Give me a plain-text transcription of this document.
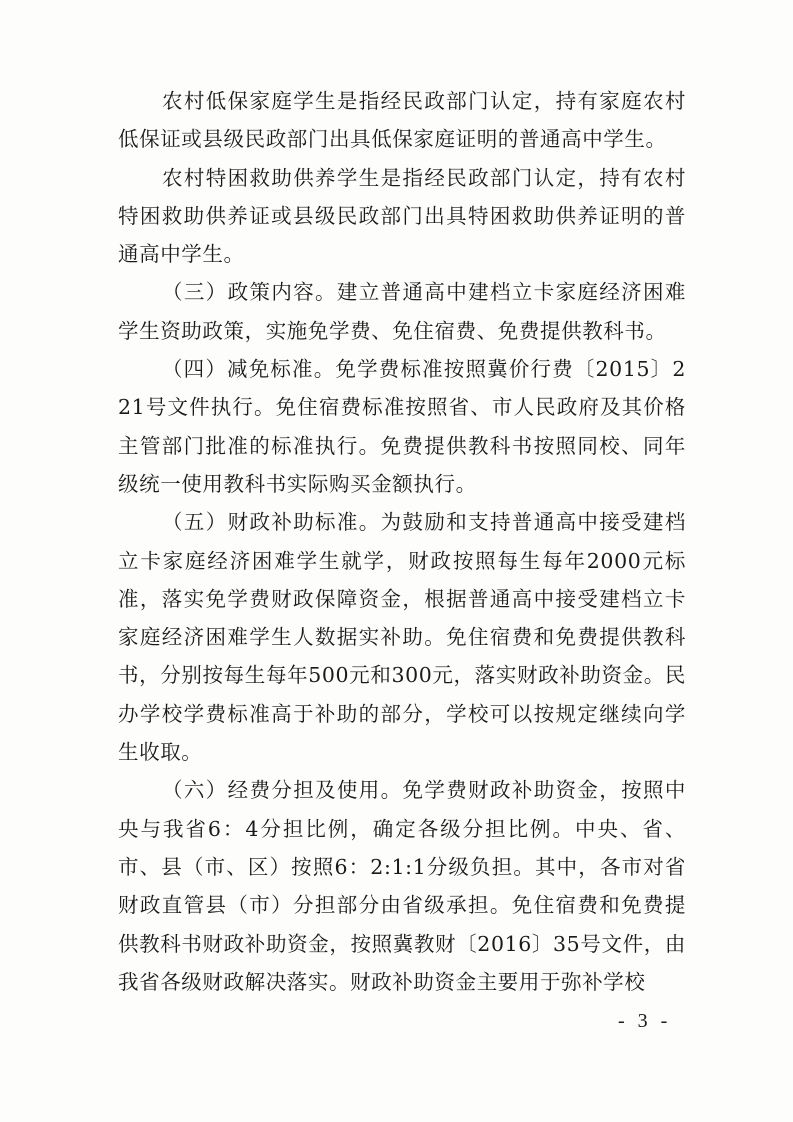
农村低保家庭学生是指经民政部门认定，持有家庭农村低保证或县级民政部门出具低保家庭证明的普通高中学生。

农村特困救助供养学生是指经民政部门认定，持有农村特困救助供养证或县级民政部门出具特困救助供养证明的普通高中学生。

（三）政策内容。建立普通高中建档立卡家庭经济困难学生资助政策，实施免学费、免住宿费、免费提供教科书。

（四）减免标准。免学费标准按照冀价行费〔2015〕221号文件执行。免住宿费标准按照省、市人民政府及其价格主管部门批准的标准执行。免费提供教科书按照同校、同年级统一使用教科书实际购买金额执行。

（五）财政补助标准。为鼓励和支持普通高中接受建档立卡家庭经济困难学生就学，财政按照每生每年2000元标准，落实免学费财政保障资金，根据普通高中接受建档立卡家庭经济困难学生人数据实补助。免住宿费和免费提供教科书，分别按每生每年500元和300元，落实财政补助资金。民办学校学费标准高于补助的部分，学校可以按规定继续向学生收取。

（六）经费分担及使用。免学费财政补助资金，按照中央与我省6：4分担比例，确定各级分担比例。中央、省、市、县（市、区）按照6：2:1:1分级负担。其中，各市对省财政直管县（市）分担部分由省级承担。免住宿费和免费提供教科书财政补助资金，按照冀教财〔2016〕35号文件，由我省各级财政解决落实。财政补助资金主要用于弥补学校

- 3 -
